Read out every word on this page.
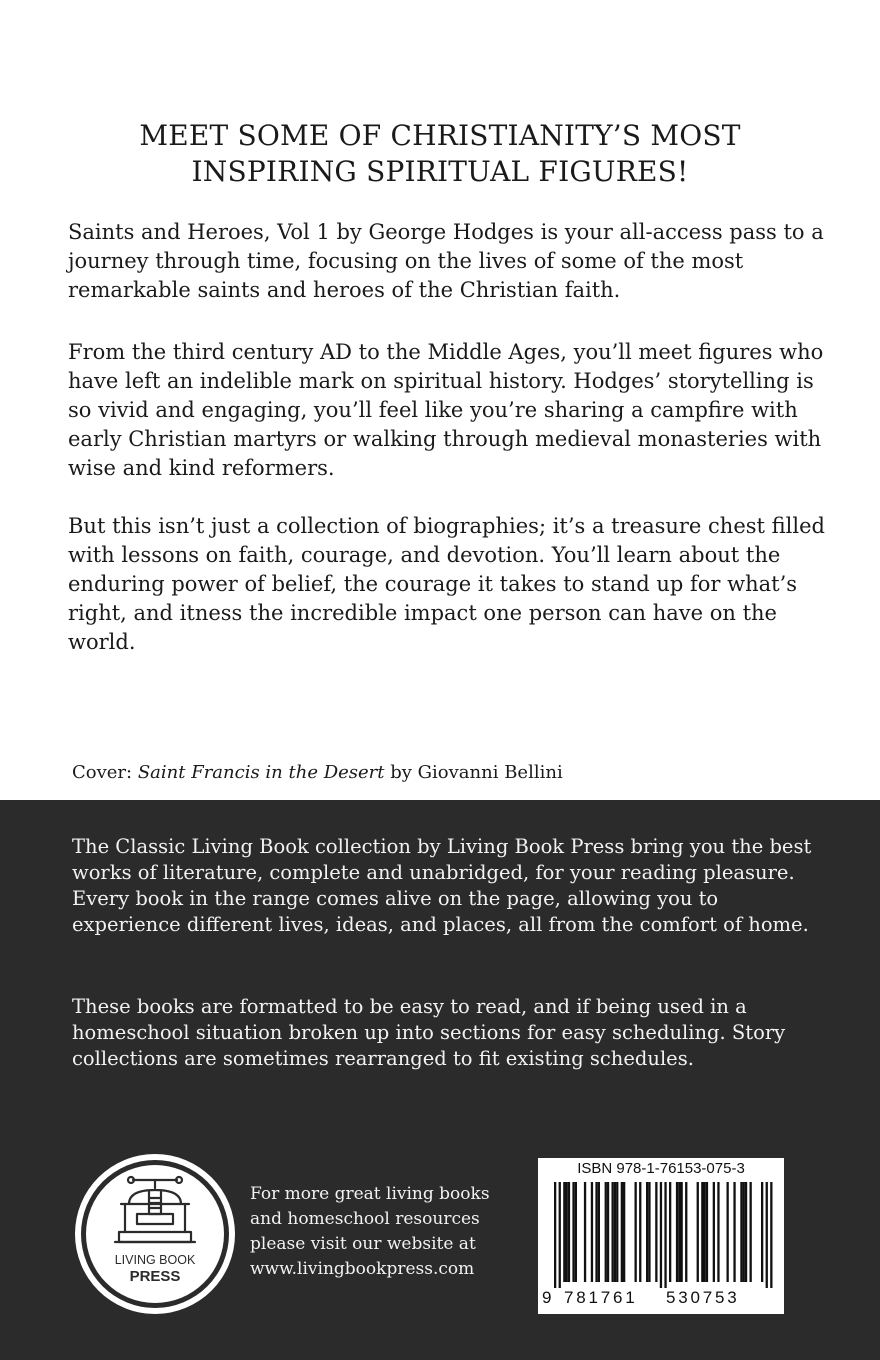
MEET SOME OF CHRISTIANITY’S MOST
INSPIRING SPIRITUAL FIGURES!

Saints and Heroes, Vol 1 by George Hodges is your all-access pass to a journey through time, focusing on the lives of some of the most remarkable saints and heroes of the Christian faith.

From the third century AD to the Middle Ages, you’ll meet figures who have left an indelible mark on spiritual history. Hodges’ storytelling is so vivid and engaging, you’ll feel like you’re sharing a campfire with early Christian martyrs or walking through medieval monasteries with wise and kind reformers.

But this isn’t just a collection of biographies; it’s a treasure chest filled with lessons on faith, courage, and devotion. You’ll learn about the enduring power of belief, the courage it takes to stand up for what’s right, and itness the incredible impact one person can have on the world.

Cover: Saint Francis in the Desert by Giovanni Bellini

The Classic Living Book collection by Living Book Press bring you the best works of literature, complete and unabridged, for your reading pleasure. Every book in the range comes alive on the page, allowing you to experience different lives, ideas, and places, all from the comfort of home.

These books are formatted to be easy to read, and if being used in a homeschool situation broken up into sections for easy scheduling. Story collections are sometimes rearranged to fit existing schedules.

LIVING BOOK
PRESS

For more great living books
and homeschool resources
please visit our website at
www.livingbookpress.com

ISBN 978-1-76153-075-3
9 781761 530753
